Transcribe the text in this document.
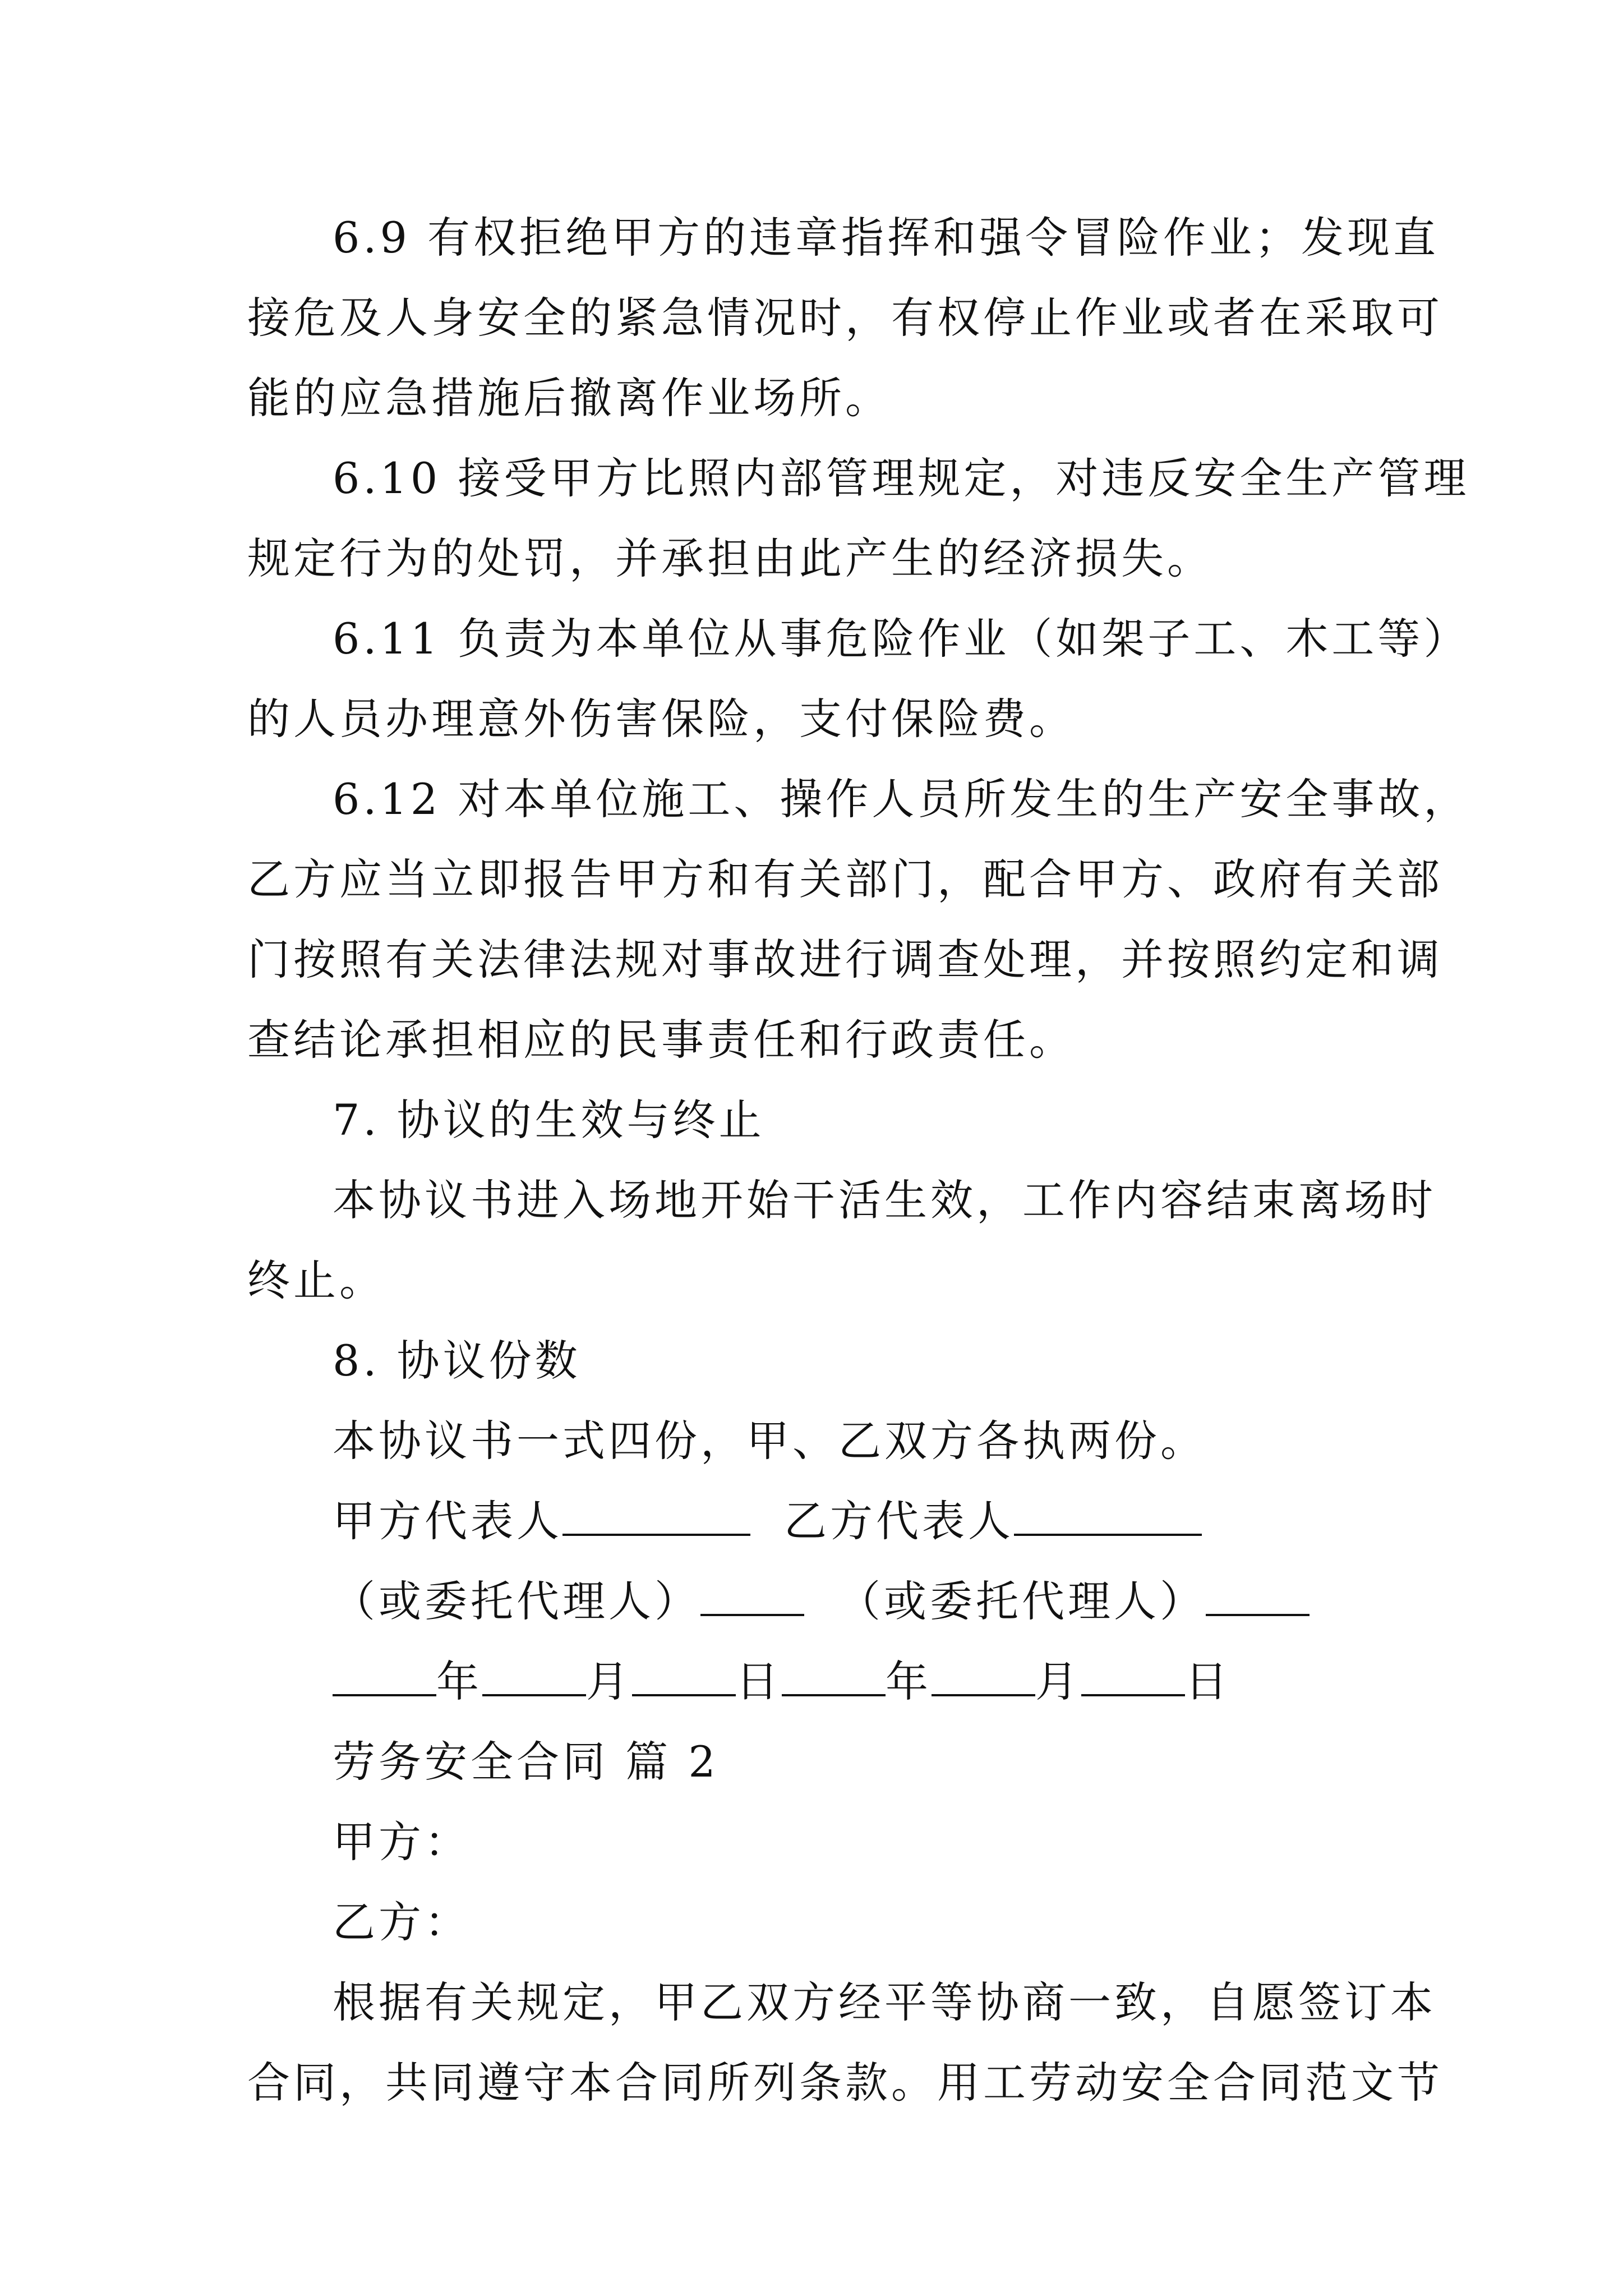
6.9 有权拒绝甲方的违章指挥和强令冒险作业；发现直
接危及人身安全的紧急情况时，有权停止作业或者在采取可
能的应急措施后撤离作业场所。
6.10 接受甲方比照内部管理规定，对违反安全生产管理
规定行为的处罚，并承担由此产生的经济损失。
6.11 负责为本单位从事危险作业（如架子工、木工等）
的人员办理意外伤害保险，支付保险费。
6.12 对本单位施工、操作人员所发生的生产安全事故，
乙方应当立即报告甲方和有关部门，配合甲方、政府有关部
门按照有关法律法规对事故进行调查处理，并按照约定和调
查结论承担相应的民事责任和行政责任。
7. 协议的生效与终止
本协议书进入场地开始干活生效，工作内容结束离场时
终止。
8. 协议份数
本协议书一式四份，甲、乙双方各执两份。
甲方代表人	乙方代表人
（或委托代理人）	（或委托代理人）
年 月 日 年 月 日
劳务安全合同 篇 2
甲方：
乙方：
根据有关规定，甲乙双方经平等协商一致，自愿签订本
合同，共同遵守本合同所列条款。用工劳动安全合同范文节
